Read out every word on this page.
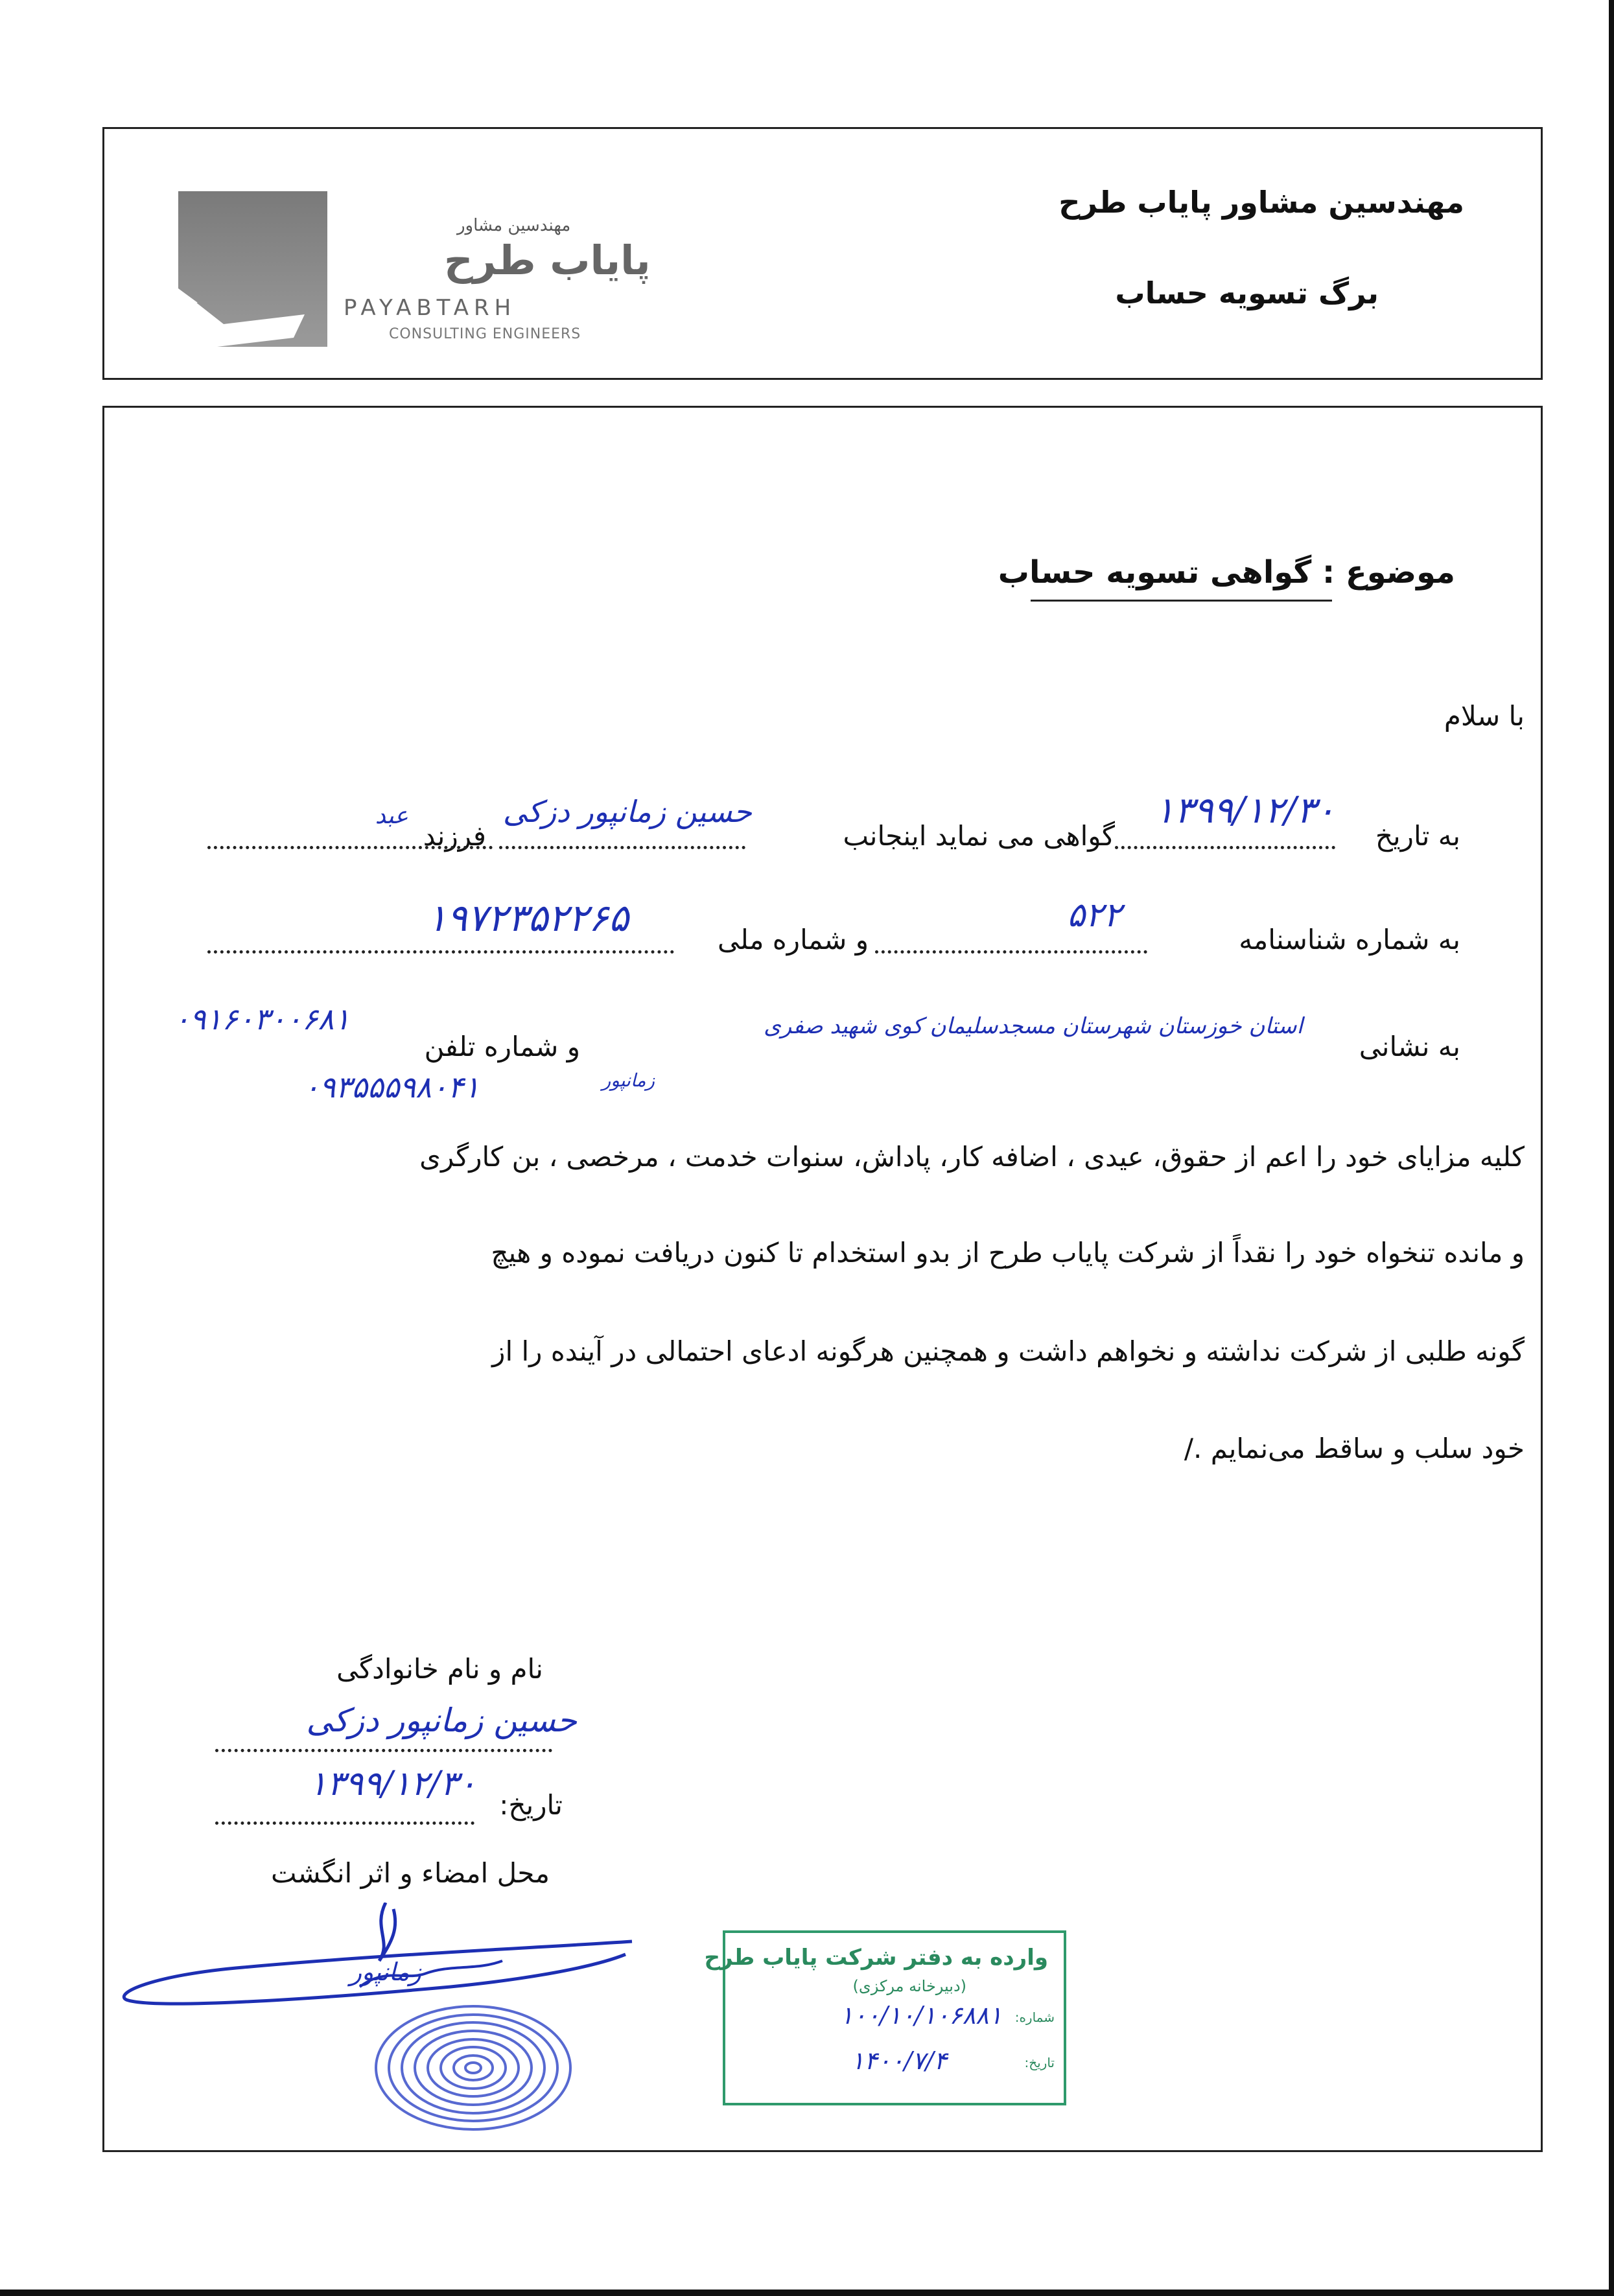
مهندسین مشاور
پایاب طرح
PAYABTARH
CONSULTING ENGINEERS
مهندسین مشاور پایاب طرح
برگ تسویه حساب
موضوع : گواهی تسویه حساب
با سلام
به تاریخ
۱۳۹۹/۱۲/۳۰
گواهی می نماید اینجانب
حسین زمانپور دزکی
فرزند
عبد
به شماره شناسنامه
۵۲۲
و شماره ملی
۱۹۷۲۳۵۲۲۶۵
به نشانی
استان خوزستان شهرستان مسجدسلیمان کوی شهید صفری
زمانپور
و شماره تلفن
۰۹۱۶۰۳۰۰۶۸۱
۰۹۳۵۵۵۹۸۰۴۱
کلیه مزایای خود را اعم از حقوق، عیدی ، اضافه کار، پاداش، سنوات خدمت ، مرخصی ، بن کارگری
و مانده تنخواه خود را نقداً از شرکت پایاب طرح از بدو استخدام تا کنون دریافت نموده و هیچ
گونه طلبی از شرکت نداشته و نخواهم داشت و همچنین هرگونه ادعای احتمالی در آینده را از
خود سلب و ساقط می‌نمایم ./
نام و نام خانوادگی
حسین زمانپور دزکی
تاریخ:
۱۳۹۹/۱۲/۳۰
محل امضاء و اثر انگشت
زمانپور	وارده به دفتر شرکت پایاب طرح
(دبیرخانه مرکزی)
شماره:
۱۰۰/۱۰/۱۰۶۸۸۱
تاریخ:
۱۴۰۰/۷/۴
